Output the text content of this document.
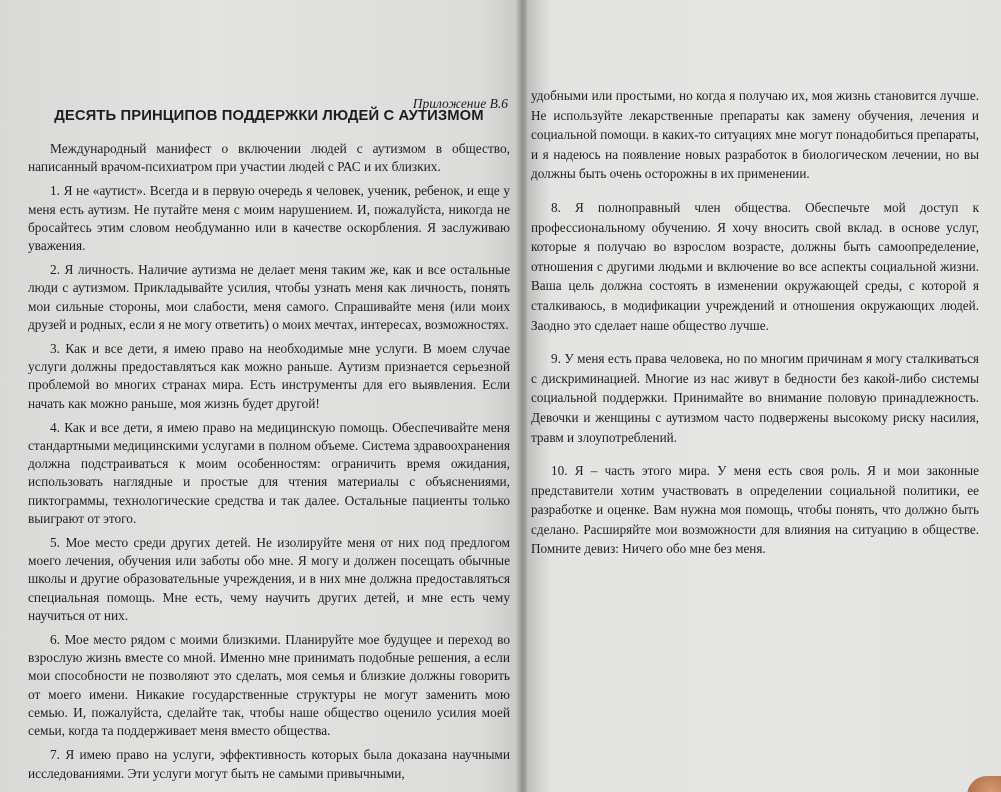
Приложение В.6
ДЕСЯТЬ ПРИНЦИПОВ ПОДДЕРЖКИ ЛЮДЕЙ С АУТИЗМОМ

Международный манифест о включении людей с аутизмом в общество, написанный врачом-психиатром при участии людей с РАС и их близких.

1. Я не «аутист». Всегда и в первую очередь я человек, ученик, ребенок, и еще у меня есть аутизм. Не путайте меня с моим нарушением. И, пожалуйста, никогда не бросайтесь этим словом необдуманно или в качестве оскорбления. Я заслуживаю уважения.

2. Я личность. Наличие аутизма не делает меня таким же, как и все остальные люди с аутизмом. Прикладывайте усилия, чтобы узнать меня как личность, понять мои сильные стороны, мои слабости, меня самого. Спрашивайте меня (или моих друзей и родных, если я не могу ответить) о моих мечтах, интересах, возможностях.

3. Как и все дети, я имею право на необходимые мне услуги. В моем случае услуги должны предоставляться как можно раньше. Аутизм признается серьезной проблемой во многих странах мира. Есть инструменты для его выявления. Если начать как можно раньше, моя жизнь будет другой!

4. Как и все дети, я имею право на медицинскую помощь. Обеспечивайте меня стандартными медицинскими услугами в полном объеме. Система здравоохранения должна подстраиваться к моим особенностям: ограничить время ожидания, использовать наглядные и простые для чтения материалы с объяснениями, пиктограммы, технологические средства и так далее. Остальные пациенты только выиграют от этого.

5. Мое место среди других детей. Не изолируйте меня от них под предлогом моего лечения, обучения или заботы обо мне. Я могу и должен посещать обычные школы и другие образовательные учреждения, и в них мне должна предоставляться специальная помощь. Мне есть, чему научить других детей, и мне есть чему научиться от них.

6. Мое место рядом с моими близкими. Планируйте мое будущее и переход во взрослую жизнь вместе со мной. Именно мне принимать подобные решения, а если мои способности не позволяют это сделать, моя семья и близкие должны говорить от моего имени. Никакие государственные структуры не могут заменить мою семью. И, пожалуйста, сделайте так, чтобы наше общество оценило усилия моей семьи, когда та поддерживает меня вместо общества.

7. Я имею право на услуги, эффективность которых была доказана научными исследованиями. Эти услуги могут быть не самыми привычными,

удобными или простыми, но когда я получаю их, моя жизнь становится лучше. Не используйте лекарственные препараты как замену обучения, лечения и социальной помощи. в каких-то ситуациях мне могут понадобиться препараты, и я надеюсь на появление новых разработок в биологическом лечении, но вы должны быть очень осторожны в их применении.

8. Я полноправный член общества. Обеспечьте мой доступ к профессиональному обучению. Я хочу вносить свой вклад. в основе услуг, которые я получаю во взрослом возрасте, должны быть самоопределение, отношения с другими людьми и включение во все аспекты социальной жизни. Ваша цель должна состоять в изменении окружающей среды, с которой я сталкиваюсь, в модификации учреждений и отношения окружающих людей. Заодно это сделает наше общество лучше.

9. У меня есть права человека, но по многим причинам я могу сталкиваться с дискриминацией. Многие из нас живут в бедности без какой-либо системы социальной поддержки. Принимайте во внимание половую принадлежность. Девочки и женщины с аутизмом часто подвержены высокому риску насилия, травм и злоупотреблений.

10. Я – часть этого мира. У меня есть своя роль. Я и мои законные представители хотим участвовать в определении социальной политики, ее разработке и оценке. Вам нужна моя помощь, чтобы понять, что должно быть сделано. Расширяйте мои возможности для влияния на ситуацию в обществе. Помните девиз: Ничего обо мне без меня.
